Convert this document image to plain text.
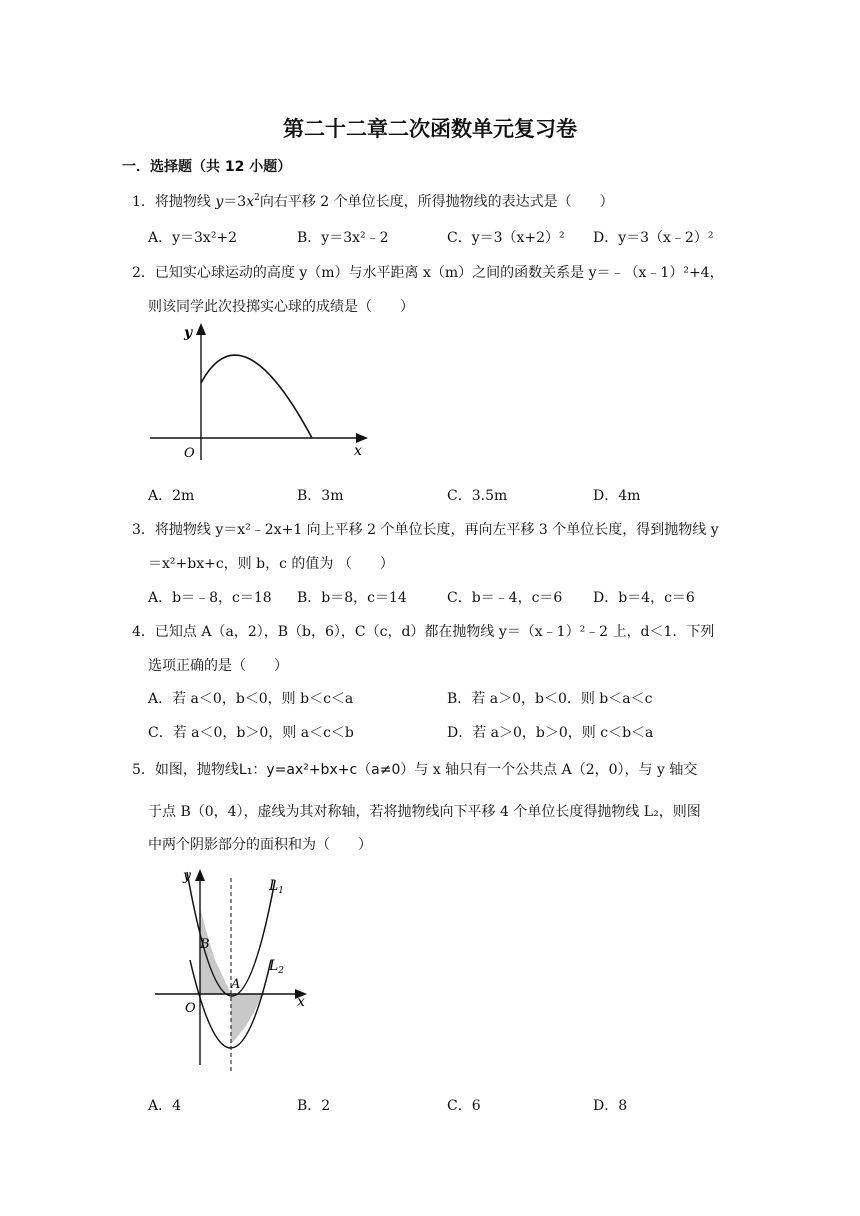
第二十二章二次函数单元复习卷
一．选择题（共 12 小题）
1．将抛物线 $y=3x^2$向右平移 2 个单位长度，所得抛物线的表达式是（　　）
A．y＝3x²+2	B．y＝3x²﹣2	C．y＝3（x+2）² D．y＝3（x﹣2）²
2．已知实心球运动的高度 y（m）与水平距离 x（m）之间的函数关系是 y＝﹣（x﹣1）²+4，
则该同学此次投掷实心球的成绩是（　　）
y
x
O
A．2m	B．3m	C．3.5m	D．4m
3．将抛物线 y＝x²﹣2x+1 向上平移 2 个单位长度，再向左平移 3 个单位长度，得到抛物线 y
＝x²+bx+c，则 b，c 的值为 （　　）
A．b＝﹣8，c＝18 B．b＝8，c＝14	C．b＝﹣4，c＝6 D．b＝4，c＝6
4．已知点 A（a，2），B（b，6），C（c，d）都在抛物线 y＝（x﹣1）²﹣2 上，d＜1．下列
选项正确的是（　　）
A．若 a＜0，b＜0，则 b＜c＜a	B．若 a＞0，b＜0．则 b＜a＜c
C．若 a＜0，b＞0，则 a＜c＜b	D．若 a＞0，b＞0，则 c＜b＜a
5．如图，抛物线L₁：y=ax²+bx+c（a≠0）与 x 轴只有一个公共点 A（2，0），与 y 轴交
于点 B（0，4），虚线为其对称轴，若将抛物线向下平移 4 个单位长度得抛物线 L₂，则图
中两个阴影部分的面积和为（　　）
y
x
O
B
A
$L_1$
$L_2$
A．4	B．2	C．6	D．8
